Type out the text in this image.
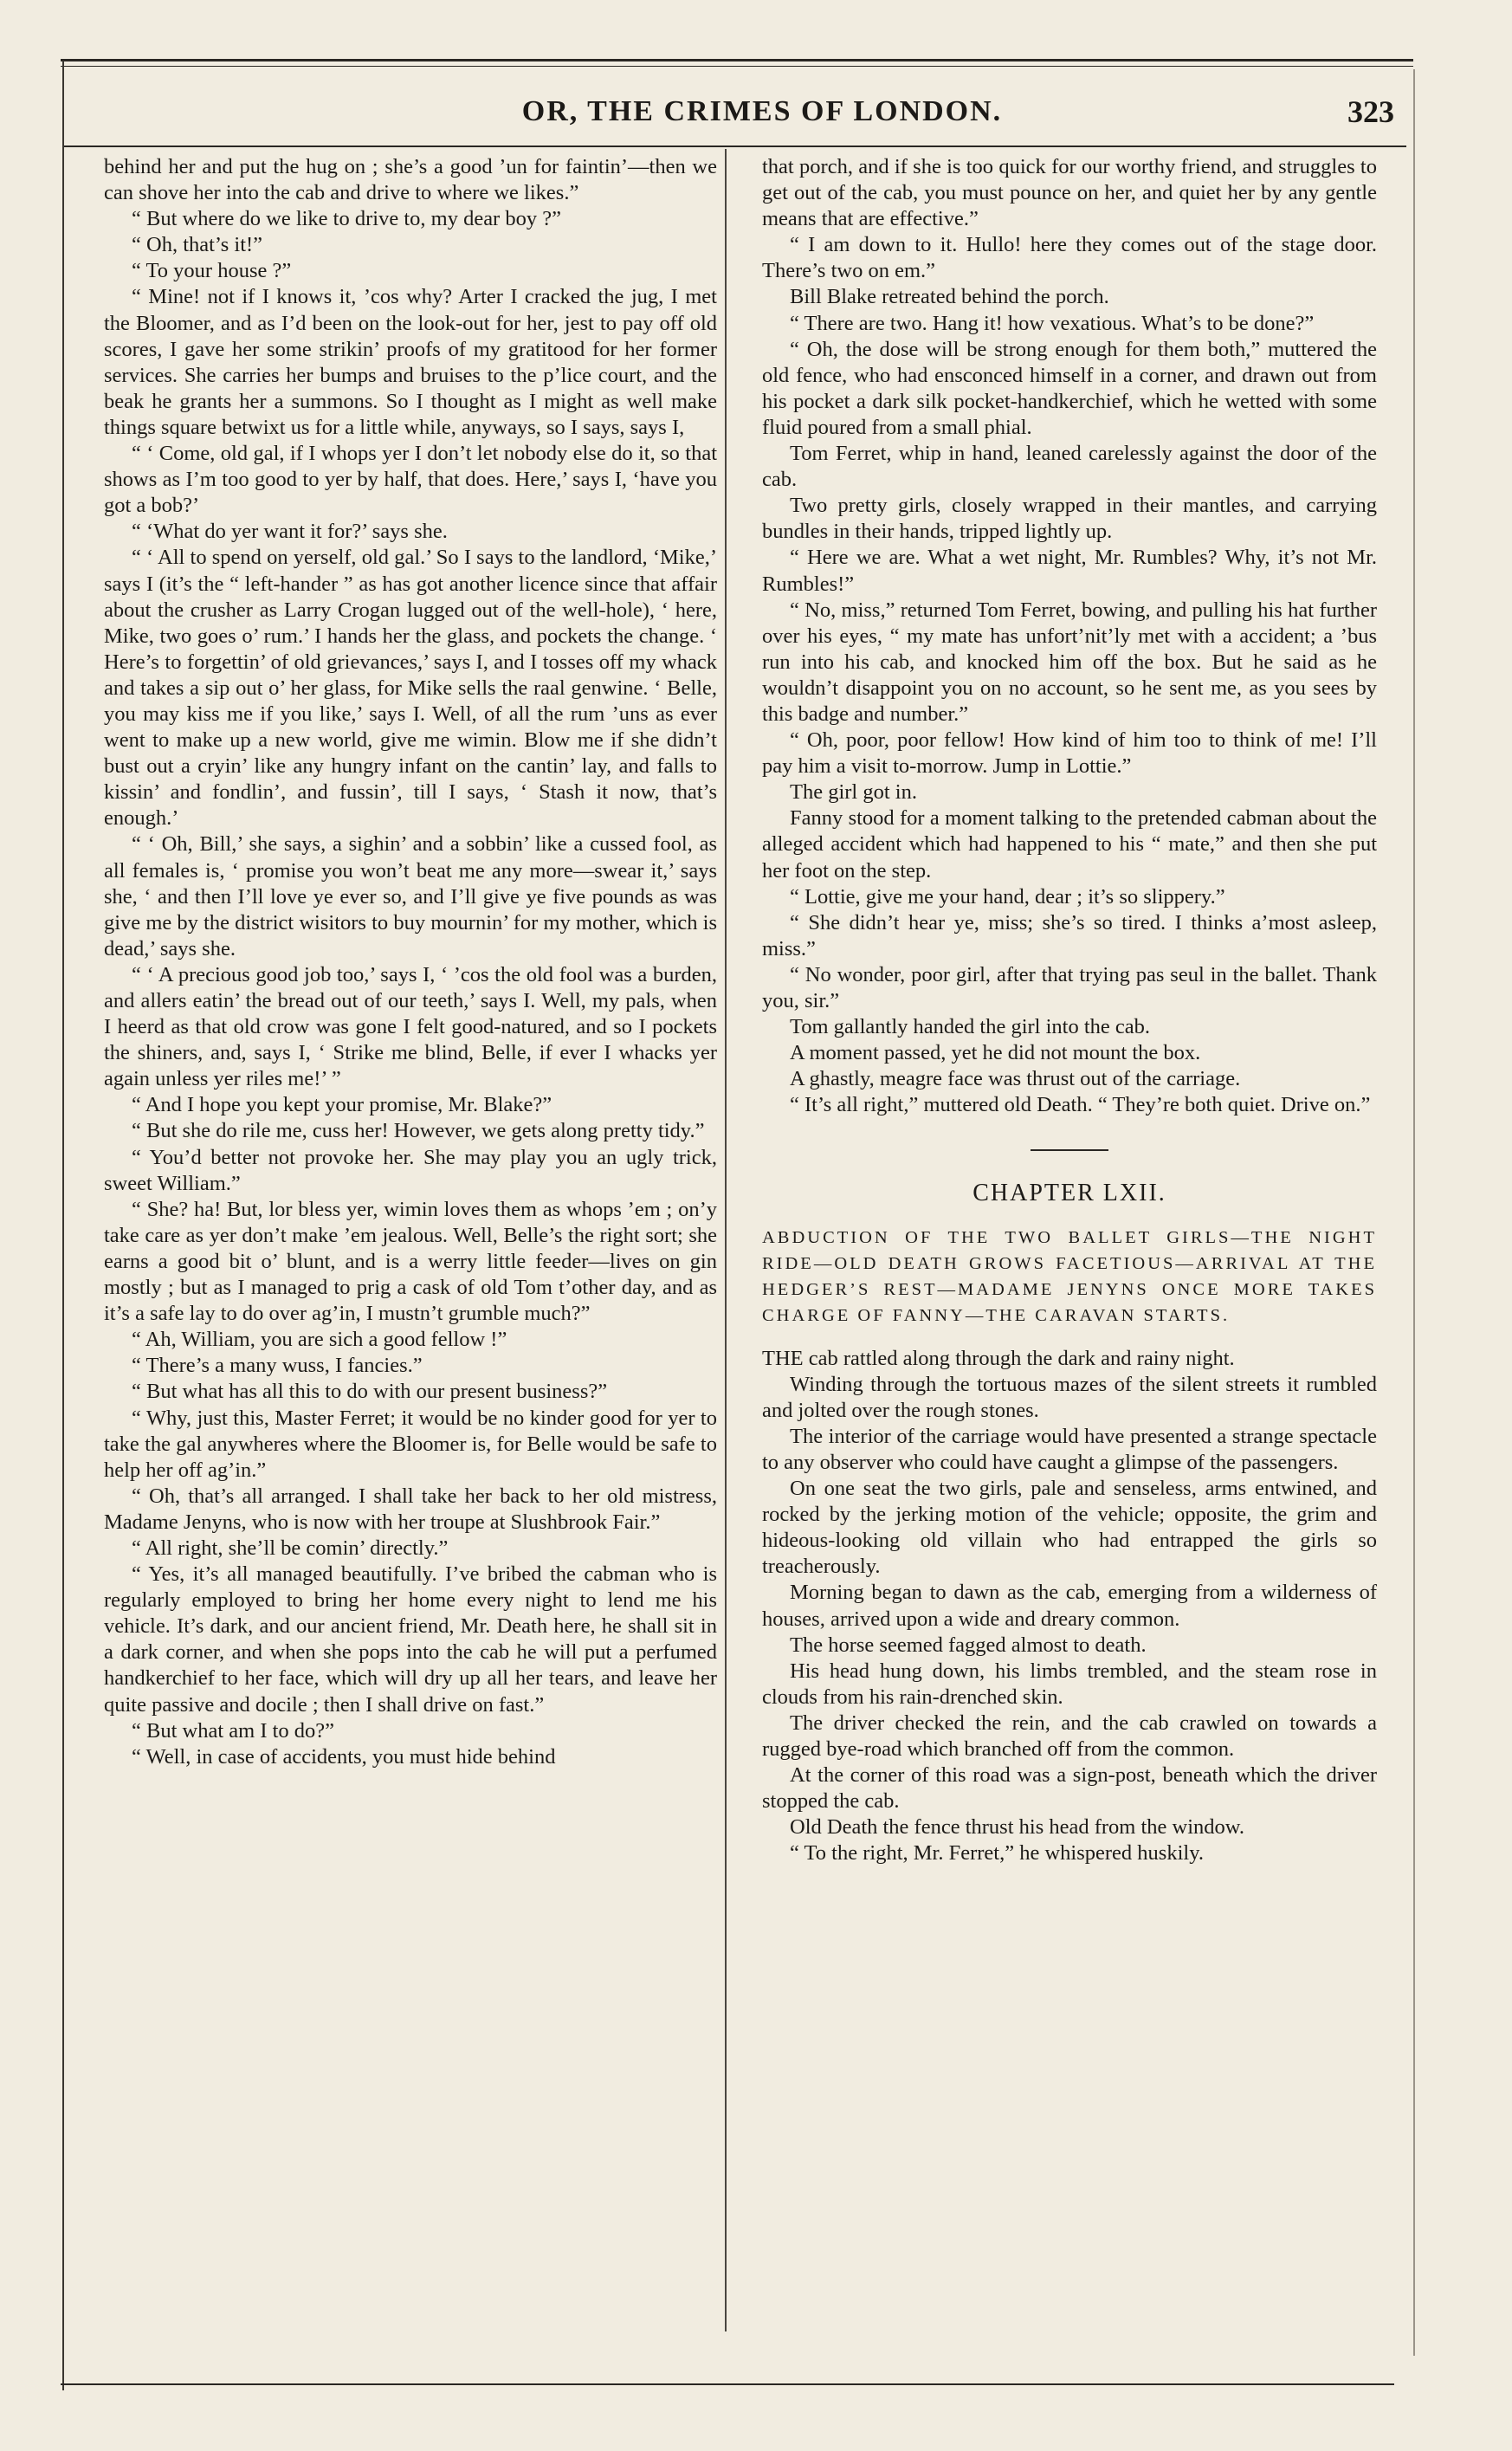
OR, THE CRIMES OF LONDON.	323

behind her and put the hug on ; she’s a good ’un for faintin’—then we can shove her into the cab and drive to where we likes.”

“ But where do we like to drive to, my dear boy ?”

“ Oh, that’s it!”

“ To your house ?”

“ Mine! not if I knows it, ’cos why? Arter I cracked the jug, I met the Bloomer, and as I’d been on the look-out for her, jest to pay off old scores, I gave her some strikin’ proofs of my gratitood for her former services. She carries her bumps and bruises to the p’lice court, and the beak he grants her a summons. So I thought as I might as well make things square betwixt us for a little while, anyways, so I says, says I,

“ ‘ Come, old gal, if I whops yer I don’t let nobody else do it, so that shows as I’m too good to yer by half, that does. Here,’ says I, ‘have you got a bob?’

“ ‘What do yer want it for?’ says she.

“ ‘ All to spend on yerself, old gal.’ So I says to the landlord, ‘Mike,’ says I (it’s the “ left-hander ” as has got another licence since that affair about the crusher as Larry Crogan lugged out of the well-hole), ‘ here, Mike, two goes o’ rum.’ I hands her the glass, and pockets the change. ‘ Here’s to forgettin’ of old grievances,’ says I, and I tosses off my whack and takes a sip out o’ her glass, for Mike sells the raal genwine. ‘ Belle, you may kiss me if you like,’ says I. Well, of all the rum ’uns as ever went to make up a new world, give me wimin. Blow me if she didn’t bust out a cryin’ like any hungry infant on the cantin’ lay, and falls to kissin’ and fondlin’, and fussin’, till I says, ‘ Stash it now, that’s enough.’

“ ‘ Oh, Bill,’ she says, a sighin’ and a sobbin’ like a cussed fool, as all females is, ‘ promise you won’t beat me any more—swear it,’ says she, ‘ and then I’ll love ye ever so, and I’ll give ye five pounds as was give me by the district wisitors to buy mournin’ for my mother, which is dead,’ says she.

“ ‘ A precious good job too,’ says I, ‘ ’cos the old fool was a burden, and allers eatin’ the bread out of our teeth,’ says I. Well, my pals, when I heerd as that old crow was gone I felt good-natured, and so I pockets the shiners, and, says I, ‘ Strike me blind, Belle, if ever I whacks yer again unless yer riles me!’ ”

“ And I hope you kept your promise, Mr. Blake?”

“ But she do rile me, cuss her! However, we gets along pretty tidy.”

“ You’d better not provoke her. She may play you an ugly trick, sweet William.”

“ She? ha! But, lor bless yer, wimin loves them as whops ’em ; on’y take care as yer don’t make ’em jealous. Well, Belle’s the right sort; she earns a good bit o’ blunt, and is a werry little feeder—lives on gin mostly ; but as I managed to prig a cask of old Tom t’other day, and as it’s a safe lay to do over ag’in, I mustn’t grumble much?”

“ Ah, William, you are sich a good fellow !”

“ There’s a many wuss, I fancies.”

“ But what has all this to do with our present business?”

“ Why, just this, Master Ferret; it would be no kinder good for yer to take the gal anywheres where the Bloomer is, for Belle would be safe to help her off ag’in.”

“ Oh, that’s all arranged. I shall take her back to her old mistress, Madame Jenyns, who is now with her troupe at Slushbrook Fair.”

“ All right, she’ll be comin’ directly.”

“ Yes, it’s all managed beautifully. I’ve bribed the cabman who is regularly employed to bring her home every night to lend me his vehicle. It’s dark, and our ancient friend, Mr. Death here, he shall sit in a dark corner, and when she pops into the cab he will put a perfumed handkerchief to her face, which will dry up all her tears, and leave her quite passive and docile ; then I shall drive on fast.”

“ But what am I to do?”

“ Well, in case of accidents, you must hide behind

that porch, and if she is too quick for our worthy friend, and struggles to get out of the cab, you must pounce on her, and quiet her by any gentle means that are effective.”

“ I am down to it. Hullo! here they comes out of the stage door. There’s two on em.”

Bill Blake retreated behind the porch.

“ There are two. Hang it! how vexatious. What’s to be done?”

“ Oh, the dose will be strong enough for them both,” muttered the old fence, who had ensconced himself in a corner, and drawn out from his pocket a dark silk pocket-handkerchief, which he wetted with some fluid poured from a small phial.

Tom Ferret, whip in hand, leaned carelessly against the door of the cab.

Two pretty girls, closely wrapped in their mantles, and carrying bundles in their hands, tripped lightly up.

“ Here we are. What a wet night, Mr. Rumbles? Why, it’s not Mr. Rumbles!”

“ No, miss,” returned Tom Ferret, bowing, and pulling his hat further over his eyes, “ my mate has unfort’nit’ly met with a accident; a ’bus run into his cab, and knocked him off the box. But he said as he wouldn’t disappoint you on no account, so he sent me, as you sees by this badge and number.”

“ Oh, poor, poor fellow! How kind of him too to think of me! I’ll pay him a visit to-morrow. Jump in Lottie.”

The girl got in.

Fanny stood for a moment talking to the pretended cabman about the alleged accident which had happened to his “ mate,” and then she put her foot on the step.

“ Lottie, give me your hand, dear ; it’s so slippery.”

“ She didn’t hear ye, miss; she’s so tired. I thinks a’most asleep, miss.”

“ No wonder, poor girl, after that trying pas seul in the ballet. Thank you, sir.”

Tom gallantly handed the girl into the cab.

A moment passed, yet he did not mount the box.

A ghastly, meagre face was thrust out of the carriage.

“ It’s all right,” muttered old Death. “ They’re both quiet. Drive on.”

CHAPTER LXII.
ABDUCTION OF THE TWO BALLET GIRLS—THE NIGHT RIDE—OLD DEATH GROWS FACETIOUS—ARRIVAL AT THE HEDGER’S REST—MADAME JENYNS ONCE MORE TAKES CHARGE OF FANNY—THE CARAVAN STARTS.

THE cab rattled along through the dark and rainy night.

Winding through the tortuous mazes of the silent streets it rumbled and jolted over the rough stones.

The interior of the carriage would have presented a strange spectacle to any observer who could have caught a glimpse of the passengers.

On one seat the two girls, pale and senseless, arms entwined, and rocked by the jerking motion of the vehicle; opposite, the grim and hideous-looking old villain who had entrapped the girls so treacherously.

Morning began to dawn as the cab, emerging from a wilderness of houses, arrived upon a wide and dreary common.

The horse seemed fagged almost to death.

His head hung down, his limbs trembled, and the steam rose in clouds from his rain-drenched skin.

The driver checked the rein, and the cab crawled on towards a rugged bye-road which branched off from the common.

At the corner of this road was a sign-post, beneath which the driver stopped the cab.

Old Death the fence thrust his head from the window.

“ To the right, Mr. Ferret,” he whispered huskily.
